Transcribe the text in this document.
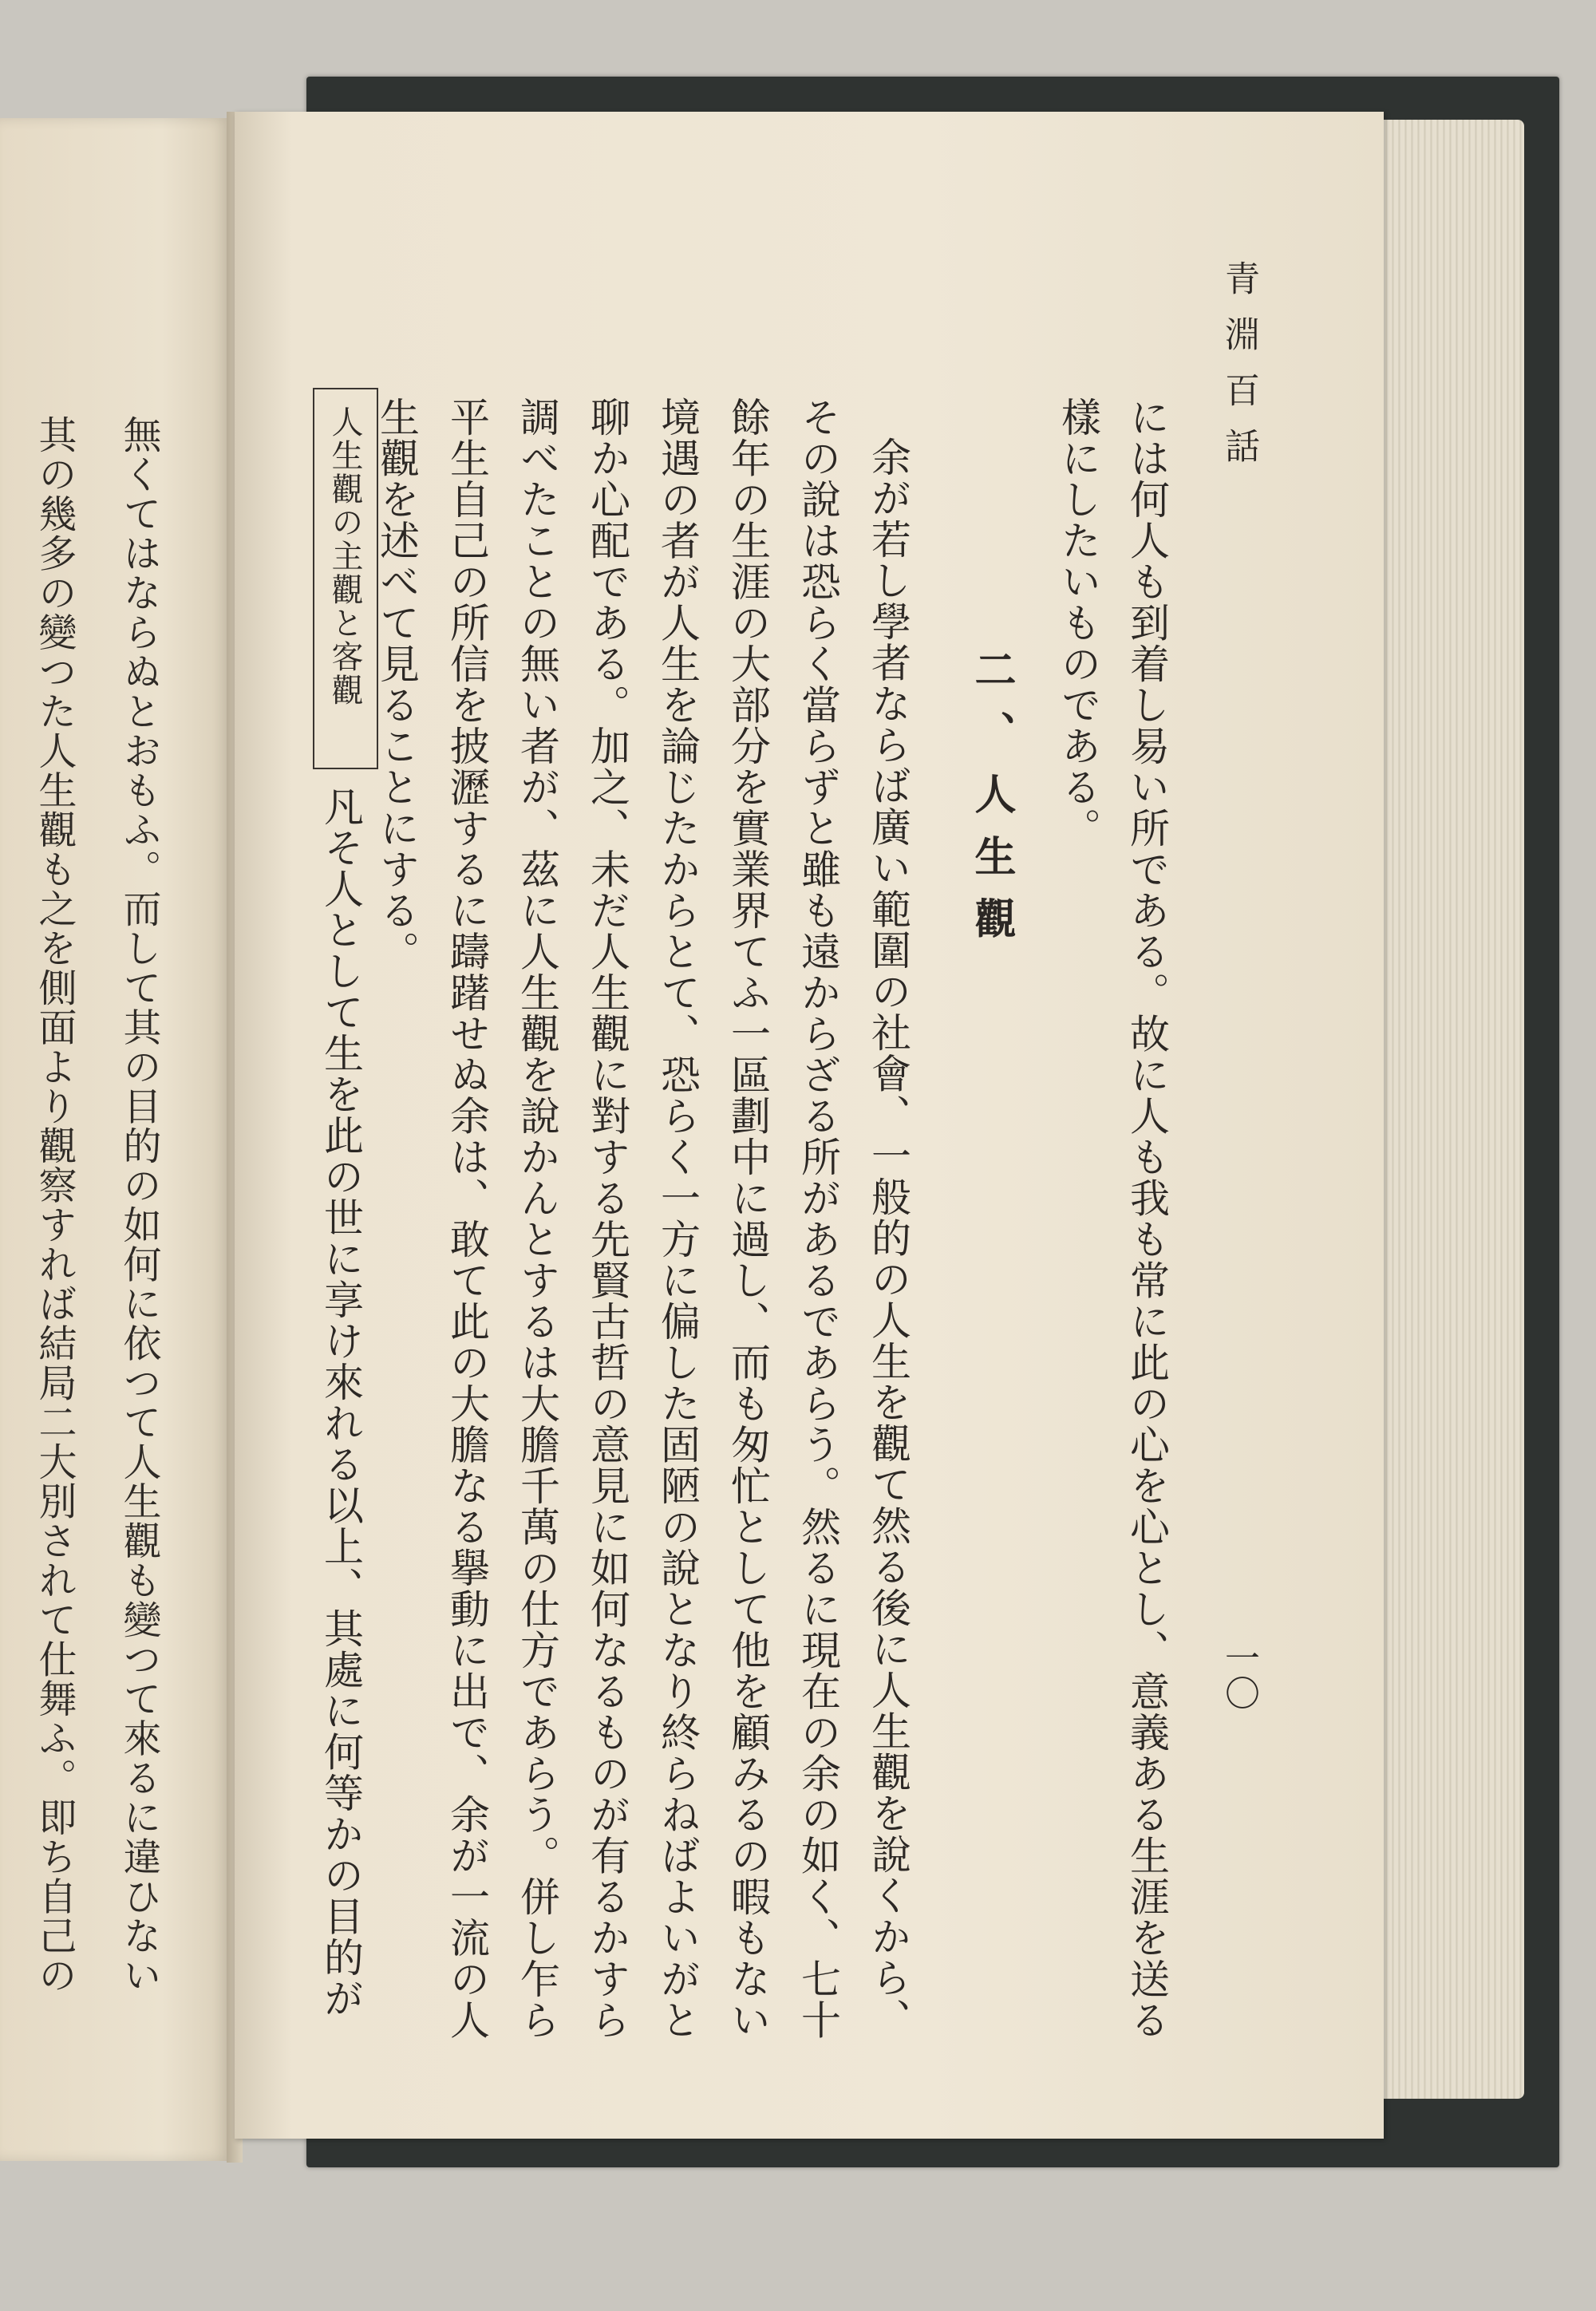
無くてはならぬとおもふ。而して其の目的の如何に依つて人生觀も變つて來るに違ひない
其の幾多の變つた人生觀も之を側面より觀察すれば結局二大別されて仕舞ふ。即ち自己の
青淵百話
一〇
には何人も到着し易い所である。故に人も我も常に此の心を心とし、意義ある生涯を送る
樣にしたいものである。
二、人生觀
余が若し學者ならば廣い範圍の社會、一般的の人生を觀て然る後に人生觀を說くから、
その說は恐らく當らずと雖も遠からざる所があるであらう。然るに現在の余の如く、七十
餘年の生涯の大部分を實業界てふ一區劃中に過し、而も匆忙として他を顧みるの暇もない
境遇の者が人生を論じたからとて、恐らく一方に偏した固陋の說となり終らねばよいがと
聊か心配である。加之、未だ人生觀に對する先賢古哲の意見に如何なるものが有るかすら
調べたことの無い者が、茲に人生觀を說かんとするは大膽千萬の仕方であらう。併し乍ら
平生自己の所信を披瀝するに躊躇せぬ余は、敢て此の大膽なる擧動に出で、余が一流の人
生觀を述べて見ることにする。
人生觀の主觀と客觀
凡そ人として生を此の世に享け來れる以上、其處に何等かの目的が
